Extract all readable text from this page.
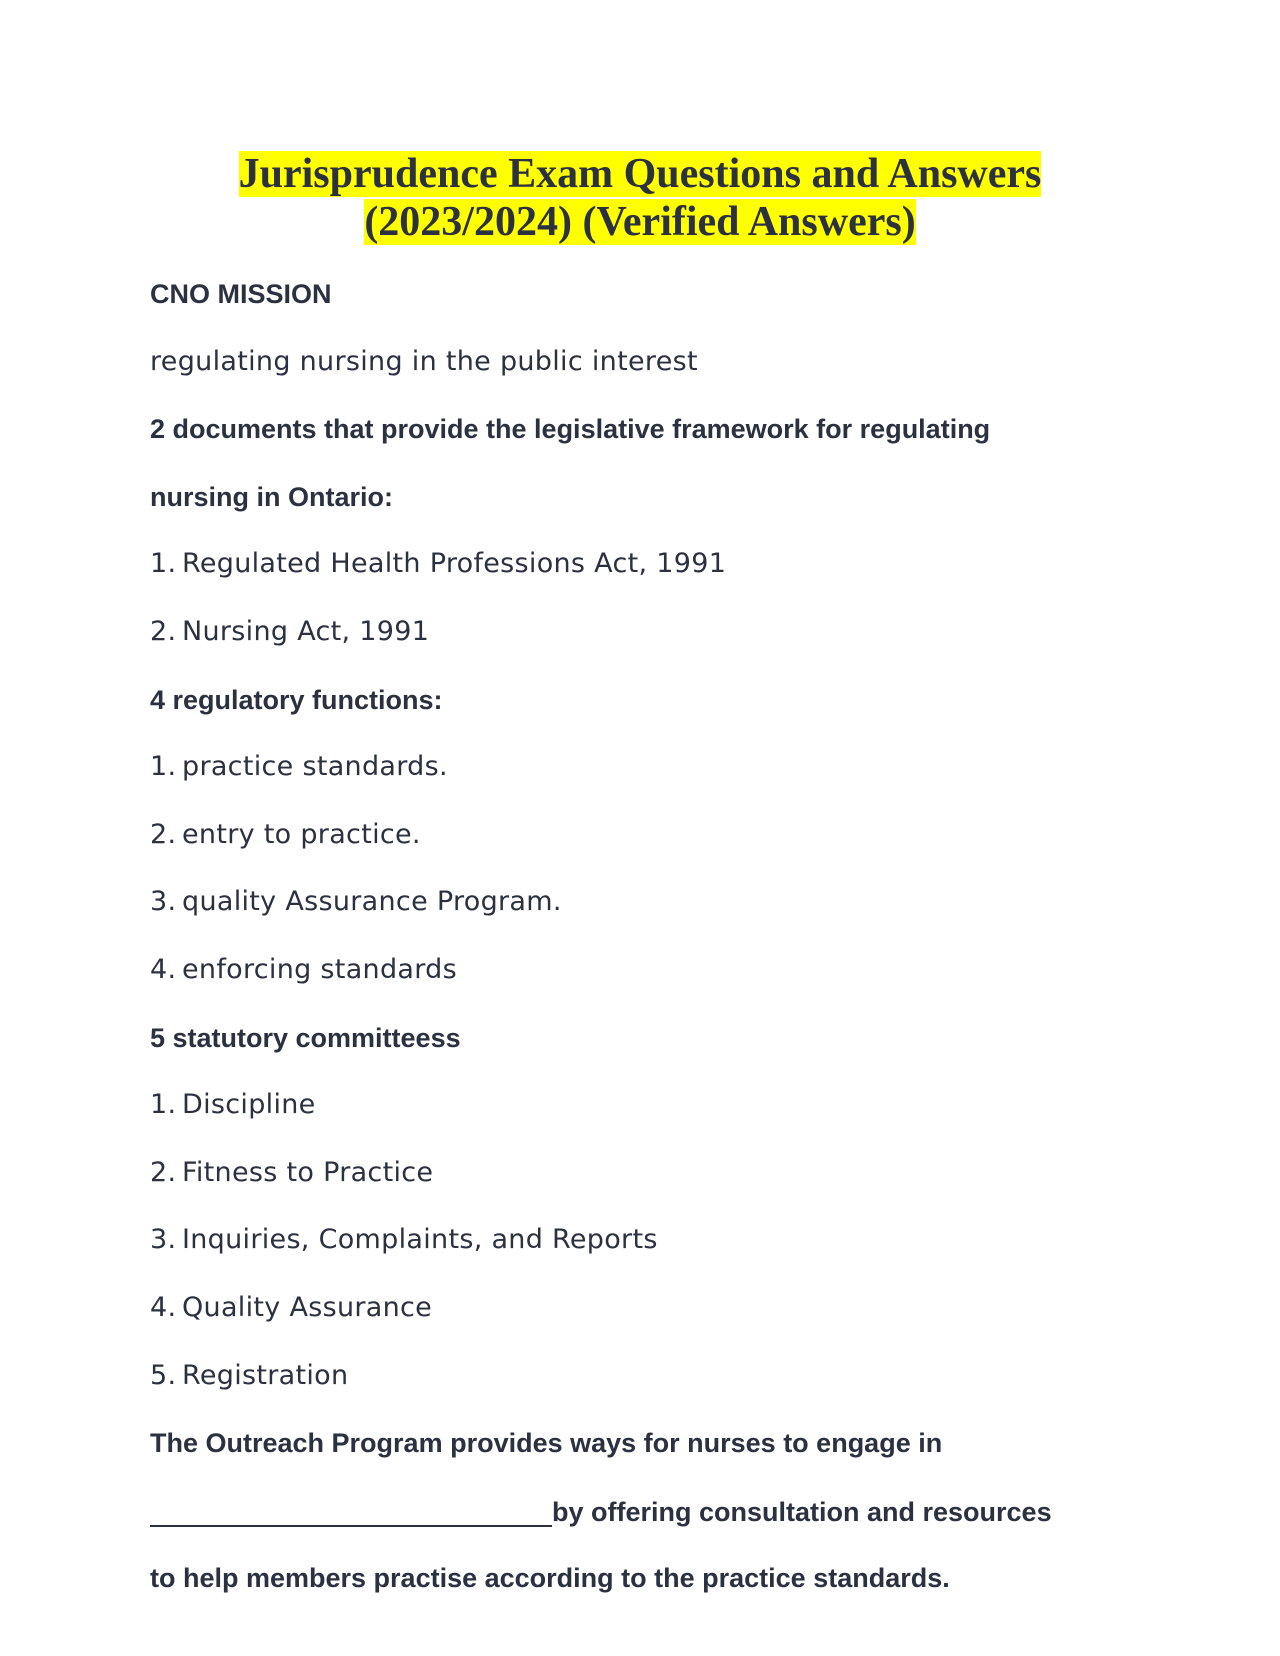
Jurisprudence Exam Questions and Answers
(2023/2024) (Verified Answers)
CNO MISSION
regulating nursing in the public interest
2 documents that provide the legislative framework for regulating
nursing in Ontario:
1. Regulated Health Professions Act, 1991
2. Nursing Act, 1991
4 regulatory functions:
1. practice standards.
2. entry to practice.
3. quality Assurance Program.
4. enforcing standards
5 statutory committeess
1. Discipline
2. Fitness to Practice
3. Inquiries, Complaints, and Reports
4. Quality Assurance
5. Registration
The Outreach Program provides ways for nurses to engage in
by offering consultation and resources
to help members practise according to the practice standards.
